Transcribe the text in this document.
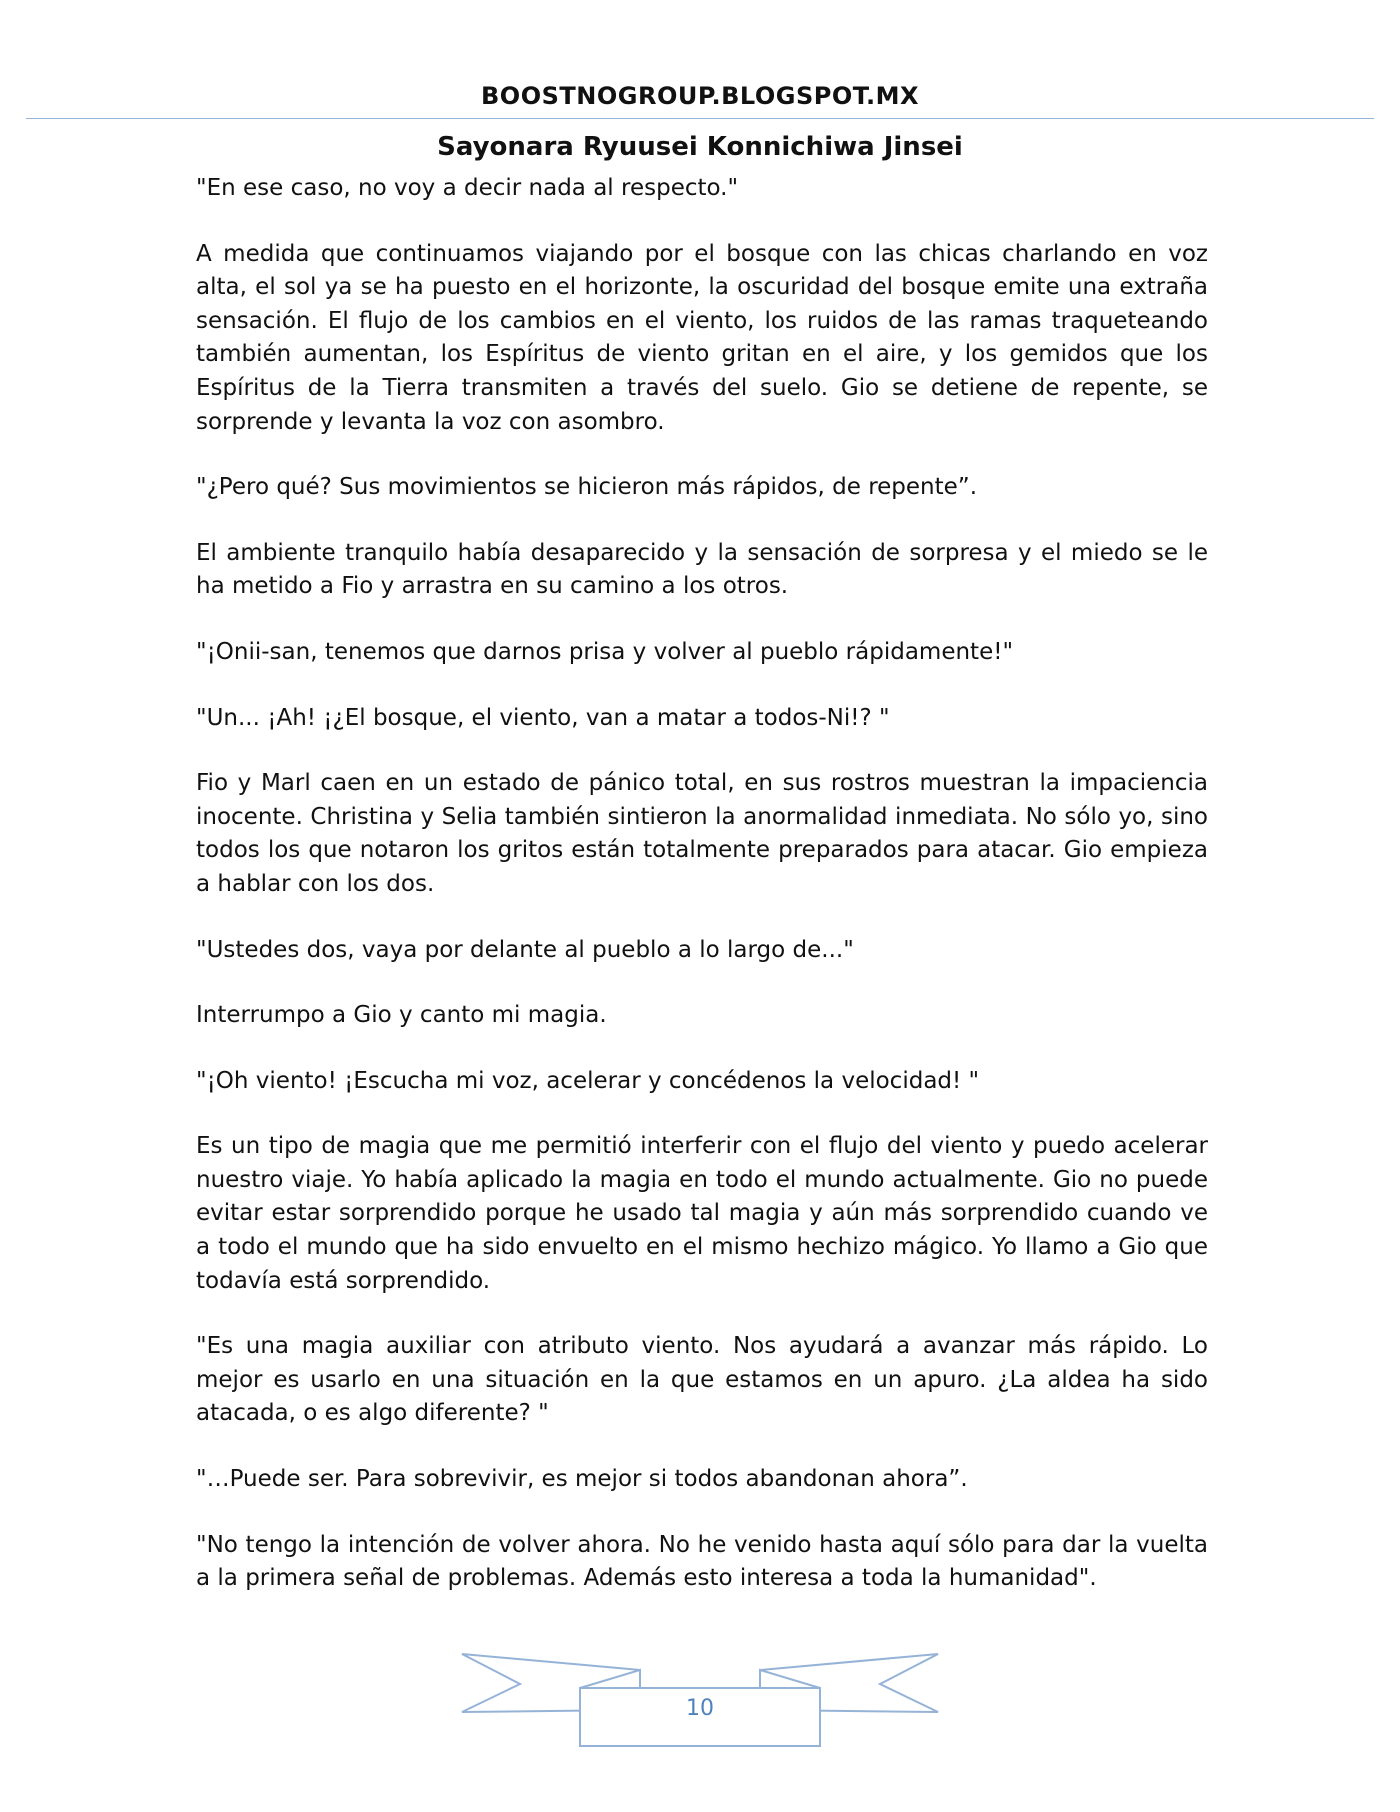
BOOSTNOGROUP.BLOGSPOT.MX
Sayonara Ryuusei Konnichiwa Jinsei

"En ese caso, no voy a decir nada al respecto."

A medida que continuamos viajando por el bosque con las chicas charlando en voz alta, el sol ya se ha puesto en el horizonte, la oscuridad del bosque emite una extraña sensación. El flujo de los cambios en el viento, los ruidos de las ramas traqueteando también aumentan, los Espíritus de viento gritan en el aire, y los gemidos que los Espíritus de la Tierra transmiten a través del suelo. Gio se detiene de repente, se sorprende y levanta la voz con asombro.

"¿Pero qué? Sus movimientos se hicieron más rápidos, de repente”.

El ambiente tranquilo había desaparecido y la sensación de sorpresa y el miedo se le ha metido a Fio y arrastra en su camino a los otros.

"¡Onii-san, tenemos que darnos prisa y volver al pueblo rápidamente!"

"Un... ¡Ah! ¡¿El bosque, el viento, van a matar a todos-Ni!? "

Fio y Marl caen en un estado de pánico total, en sus rostros muestran la impaciencia inocente. Christina y Selia también sintieron la anormalidad inmediata. No sólo yo, sino todos los que notaron los gritos están totalmente preparados para atacar. Gio empieza a hablar con los dos.

"Ustedes dos, vaya por delante al pueblo a lo largo de..."

Interrumpo a Gio y canto mi magia.

"¡Oh viento! ¡Escucha mi voz, acelerar y concédenos la velocidad! "

Es un tipo de magia que me permitió interferir con el flujo del viento y puedo acelerar nuestro viaje. Yo había aplicado la magia en todo el mundo actualmente. Gio no puede evitar estar sorprendido porque he usado tal magia y aún más sorprendido cuando ve a todo el mundo que ha sido envuelto en el mismo hechizo mágico. Yo llamo a Gio que todavía está sorprendido.

"Es una magia auxiliar con atributo viento. Nos ayudará a avanzar más rápido. Lo mejor es usarlo en una situación en la que estamos en un apuro. ¿La aldea ha sido atacada, o es algo diferente? "

"…Puede ser. Para sobrevivir, es mejor si todos abandonan ahora”.

"No tengo la intención de volver ahora. No he venido hasta aquí sólo para dar la vuelta a la primera señal de problemas. Además esto interesa a toda la humanidad".

10
